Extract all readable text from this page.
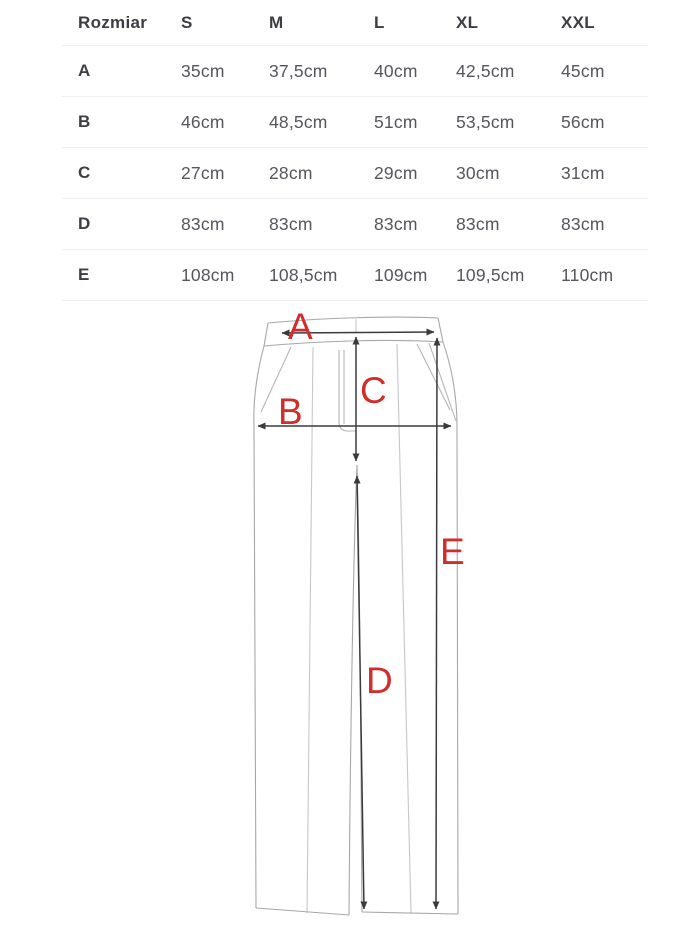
Rozmiar	S	M	L	XL	XXL
A	35cm	37,5cm	40cm	42,5cm	45cm
B	46cm	48,5cm	51cm	53,5cm	56cm
C	27cm	28cm	29cm	30cm	31cm
D	83cm	83cm	83cm	83cm	83cm
E	108cm	108,5cm	109cm	109,5cm	110cm
A
B
C
D
E
